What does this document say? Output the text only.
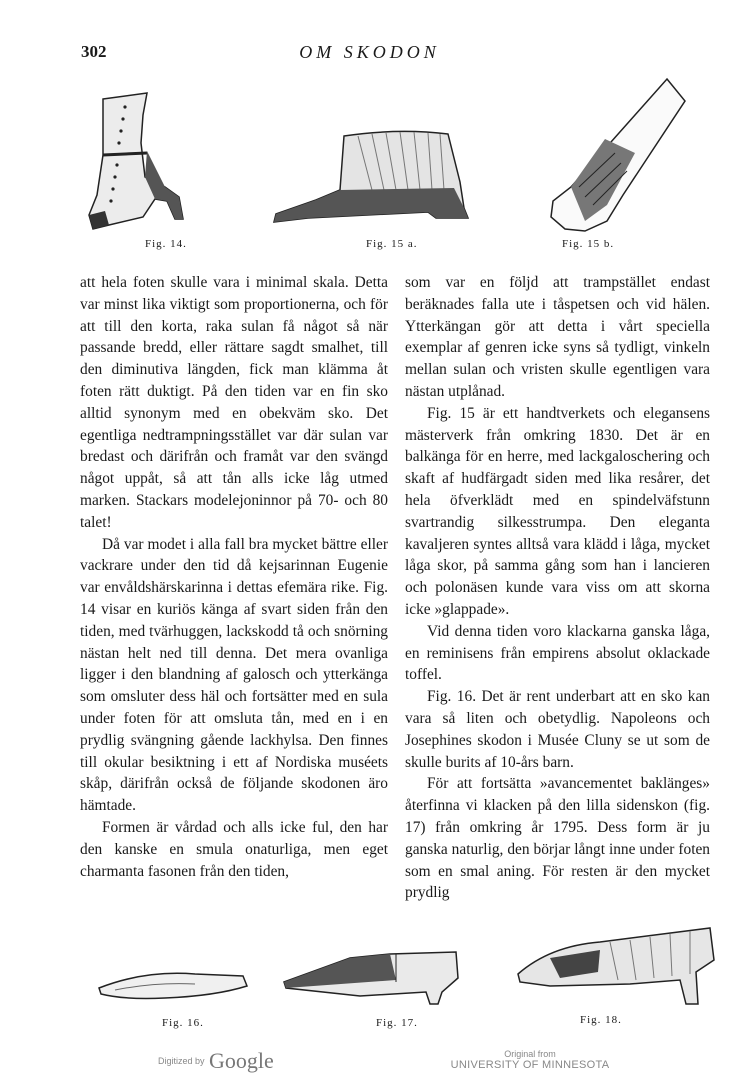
302	OM SKODON
Fig. 14.	Fig. 15 a.	Fig. 15 b.

att hela foten skulle vara i minimal skala. Detta var minst lika viktigt som proportionerna, och för att till den korta, raka sulan få något så när passande bredd, eller rättare sagdt smalhet, till den diminutiva längden, fick man klämma åt foten rätt duktigt. På den tiden var en fin sko alltid synonym med en obekväm sko. Det egentliga nedtrampningsstället var där sulan var bredast och därifrån och framåt var den svängd något uppåt, så att tån alls icke låg utmed marken. Stackars modelejoninnor på 70- och 80 talet!

Då var modet i alla fall bra mycket bättre eller vackrare under den tid då kejsarinnan Eugenie var envåldshärskarinna i dettas efemära rike. Fig. 14 visar en kuriös känga af svart siden från den tiden, med tvärhuggen, lackskodd tå och snörning nästan helt ned till denna. Det mera ovanliga ligger i den blandning af galosch och ytterkänga som omsluter dess häl och fortsätter med en sula under foten för att omsluta tån, med en i en prydlig svängning gående lackhylsa. Den finnes till okular besiktning i ett af Nordiska muséets skåp, därifrån också de följande skodonen äro hämtade.

Formen är vårdad och alls icke ful, den har den kanske en smula onaturliga, men eget charmanta fasonen från den tiden,

som var en följd att trampstället endast beräknades falla ute i tåspetsen och vid hälen. Ytterkängan gör att detta i vårt speciella exemplar af genren icke syns så tydligt, vinkeln mellan sulan och vristen skulle egentligen vara nästan utplånad.

Fig. 15 är ett handtverkets och elegansens mästerverk från omkring 1830. Det är en balkänga för en herre, med lackgaloschering och skaft af hudfärgadt siden med lika resårer, det hela öfverklädt med en spindelväfstunn svartrandig silkesstrumpa. Den eleganta kavaljeren syntes alltså vara klädd i låga, mycket låga skor, på samma gång som han i lancieren och polonäsen kunde vara viss om att skorna icke »glappade».

Vid denna tiden voro klackarna ganska låga, en reminisens från empirens absolut oklackade toffel.

Fig. 16. Det är rent underbart att en sko kan vara så liten och obetydlig. Napoleons och Josephines skodon i Musée Cluny se ut som de skulle burits af 10-års barn.

För att fortsätta »avancementet baklänges» återfinna vi klacken på den lilla sidenskon (fig. 17) från omkring år 1795. Dess form är ju ganska naturlig, den börjar långt inne under foten som en smal aning. För resten är den mycket prydlig

Fig. 16.	Fig. 17.	Fig. 18.
Digitized by Google	Original from
UNIVERSITY OF MINNESOTA
